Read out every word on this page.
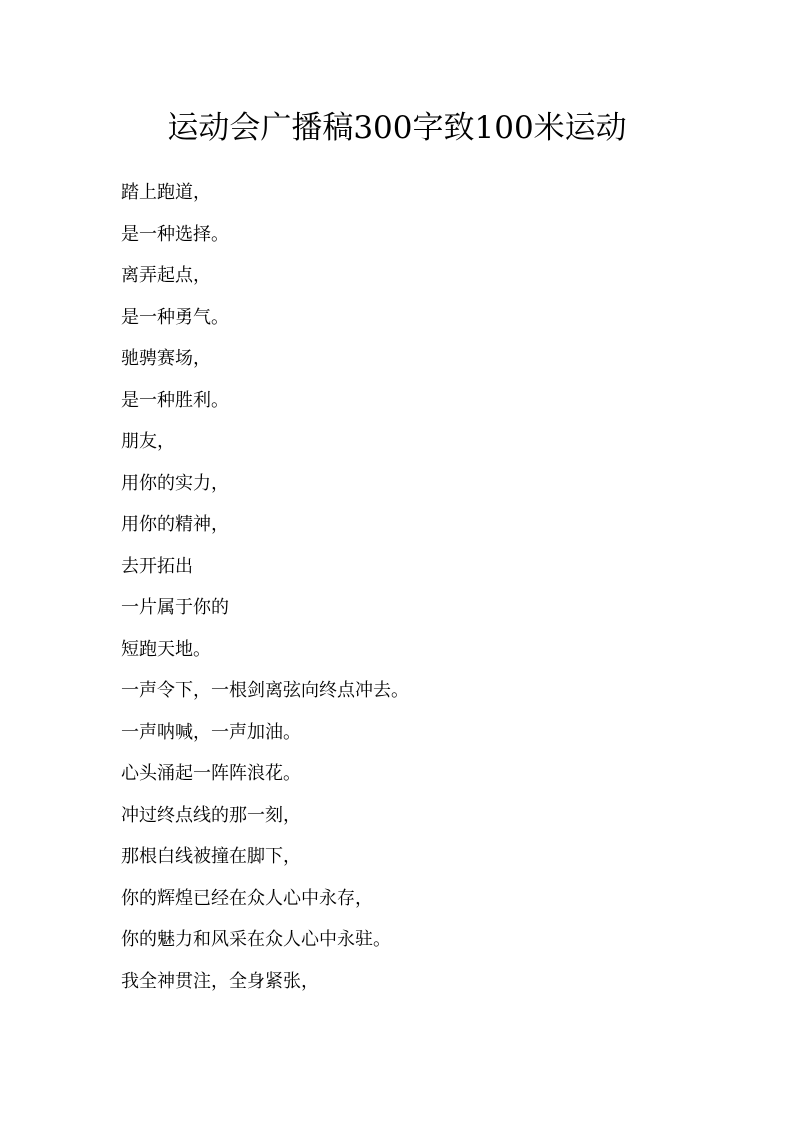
运动会广播稿300字致100米运动
踏上跑道，
是一种选择。
离弄起点，
是一种勇气。
驰骋赛场，
是一种胜利。
朋友，
用你的实力，
用你的精神，
去开拓出
一片属于你的
短跑天地。
一声令下，一根剑离弦向终点冲去。
一声呐喊，一声加油。
心头涌起一阵阵浪花。
冲过终点线的那一刻，
那根白线被撞在脚下，
你的辉煌已经在众人心中永存，
你的魅力和风采在众人心中永驻。
我全神贯注，全身紧张，
